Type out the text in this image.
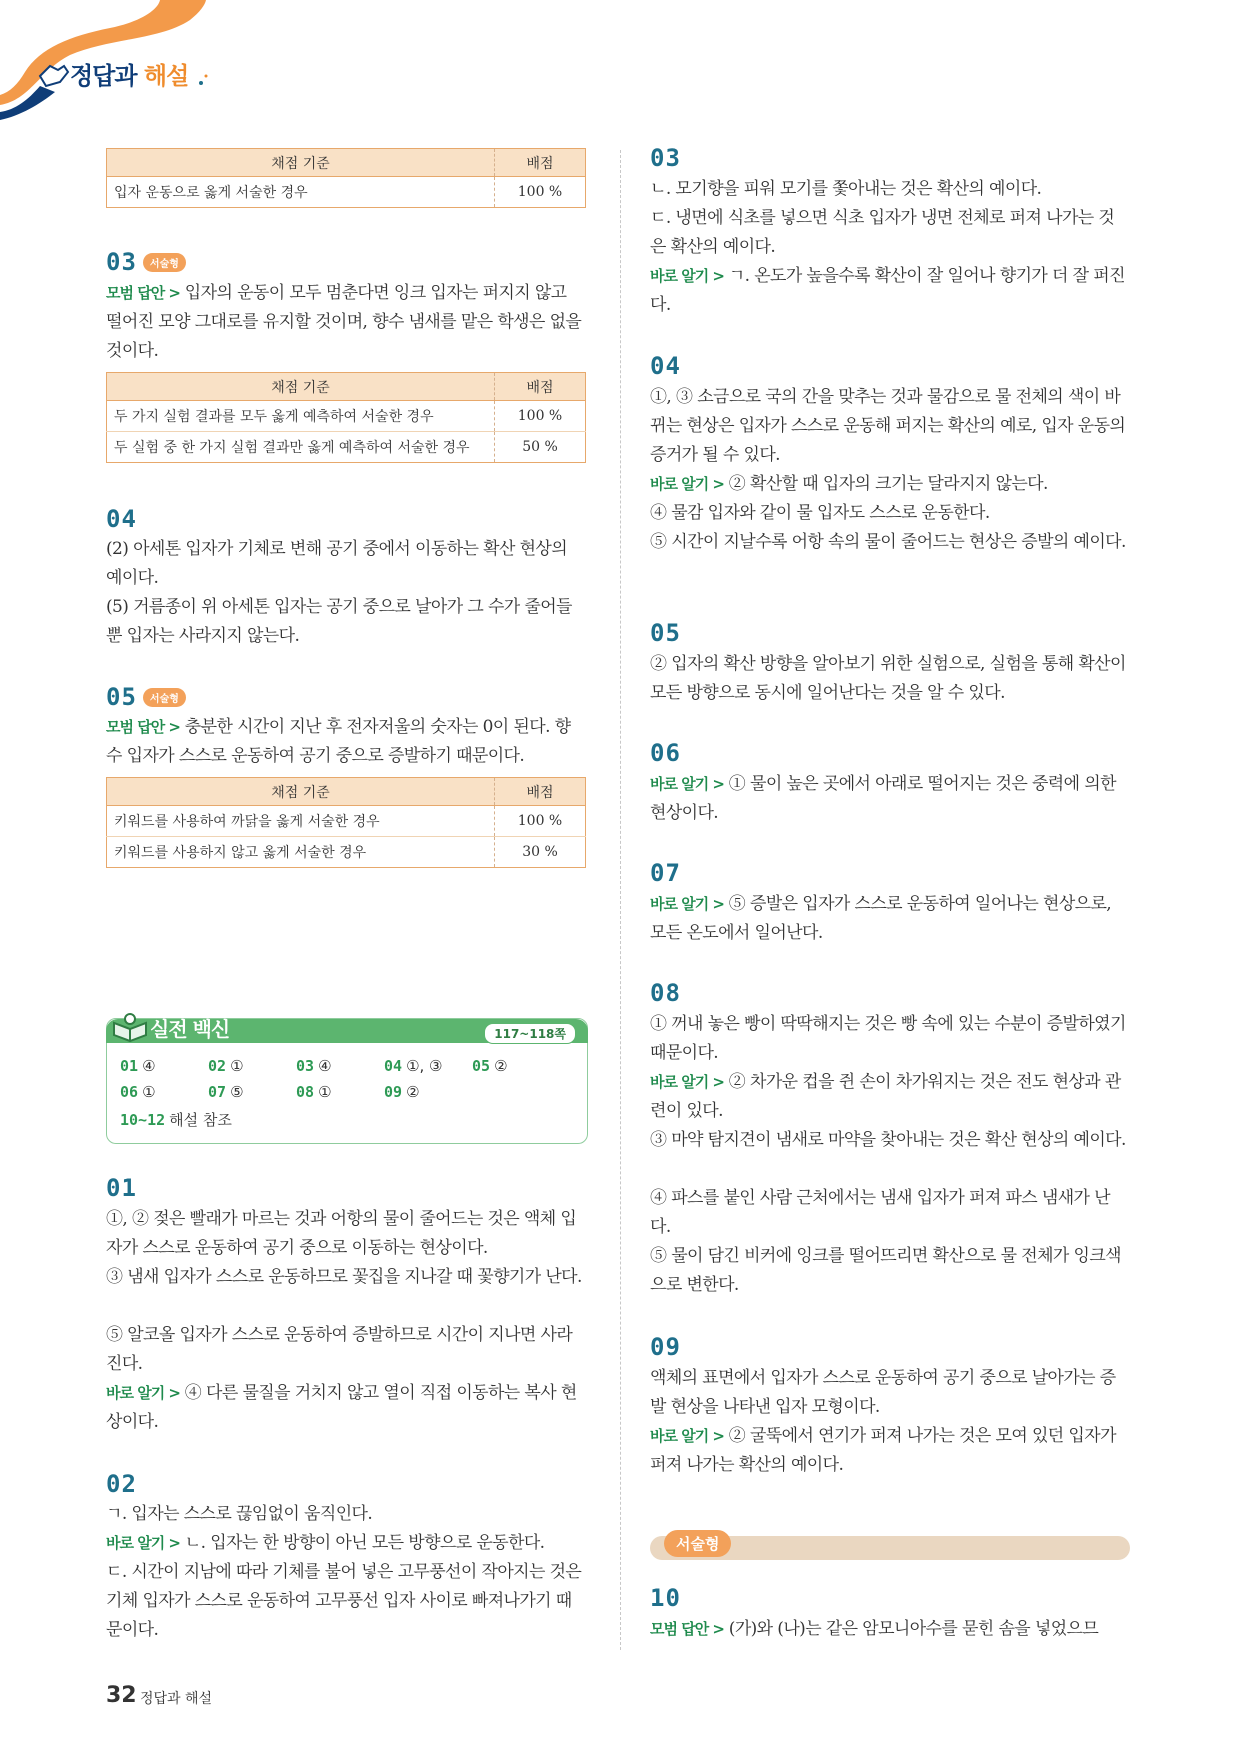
정답과 해설
채점 기준	배점
입자 운동으로 옳게 서술한 경우	100 %
03 서술형

모범 답안 > 입자의 운동이 모두 멈춘다면 잉크 입자는 퍼지지 않고 떨어진 모양 그대로를 유지할 것이며, 향수 냄새를 맡은 학생은 없을 것이다.

채점 기준	배점
두 가지 실험 결과를 모두 옳게 예측하여 서술한 경우	100 %
두 실험 중 한 가지 실험 결과만 옳게 예측하여 서술한 경우	50 %
04

(2) 아세톤 입자가 기체로 변해 공기 중에서 이동하는 확산 현상의 예이다.

(5) 거름종이 위 아세톤 입자는 공기 중으로 날아가 그 수가 줄어들 뿐 입자는 사라지지 않는다.

05 서술형

모범 답안 > 충분한 시간이 지난 후 전자저울의 숫자는 0이 된다. 향수 입자가 스스로 운동하여 공기 중으로 증발하기 때문이다.

채점 기준	배점
키워드를 사용하여 까닭을 옳게 서술한 경우	100 %
키워드를 사용하지 않고 옳게 서술한 경우	30 %
실전 백신	117~118쪽
01 ④	02 ①	03 ④	04 ①, ③ 05 ②
06 ①	07 ⑤	08 ①	09 ②
10~12 해설 참조
01

①, ② 젖은 빨래가 마르는 것과 어항의 물이 줄어드는 것은 액체 입자가 스스로 운동하여 공기 중으로 이동하는 현상이다.

③ 냄새 입자가 스스로 운동하므로 꽃집을 지나갈 때 꽃향기가 난다.

⑤ 알코올 입자가 스스로 운동하여 증발하므로 시간이 지나면 사라진다.

바로 알기 > ④ 다른 물질을 거치지 않고 열이 직접 이동하는 복사 현상이다.

02

ㄱ. 입자는 스스로 끊임없이 움직인다.

바로 알기 > ㄴ. 입자는 한 방향이 아닌 모든 방향으로 운동한다.

ㄷ. 시간이 지남에 따라 기체를 불어 넣은 고무풍선이 작아지는 것은 기체 입자가 스스로 운동하여 고무풍선 입자 사이로 빠져나가기 때문이다.

03

ㄴ. 모기향을 피워 모기를 쫓아내는 것은 확산의 예이다.

ㄷ. 냉면에 식초를 넣으면 식초 입자가 냉면 전체로 퍼져 나가는 것은 확산의 예이다.

바로 알기 > ㄱ. 온도가 높을수록 확산이 잘 일어나 향기가 더 잘 퍼진다.

04

①, ③ 소금으로 국의 간을 맞추는 것과 물감으로 물 전체의 색이 바뀌는 현상은 입자가 스스로 운동해 퍼지는 확산의 예로, 입자 운동의 증거가 될 수 있다.

바로 알기 > ② 확산할 때 입자의 크기는 달라지지 않는다.

④ 물감 입자와 같이 물 입자도 스스로 운동한다.

⑤ 시간이 지날수록 어항 속의 물이 줄어드는 현상은 증발의 예이다.

05

② 입자의 확산 방향을 알아보기 위한 실험으로, 실험을 통해 확산이 모든 방향으로 동시에 일어난다는 것을 알 수 있다.

06

바로 알기 > ① 물이 높은 곳에서 아래로 떨어지는 것은 중력에 의한 현상이다.

07

바로 알기 > ⑤ 증발은 입자가 스스로 운동하여 일어나는 현상으로, 모든 온도에서 일어난다.

08

① 꺼내 놓은 빵이 딱딱해지는 것은 빵 속에 있는 수분이 증발하였기 때문이다.

바로 알기 > ② 차가운 컵을 쥔 손이 차가워지는 것은 전도 현상과 관련이 있다.

③ 마약 탐지견이 냄새로 마약을 찾아내는 것은 확산 현상의 예이다.

④ 파스를 붙인 사람 근처에서는 냄새 입자가 퍼져 파스 냄새가 난다.

⑤ 물이 담긴 비커에 잉크를 떨어뜨리면 확산으로 물 전체가 잉크색으로 변한다.

09

액체의 표면에서 입자가 스스로 운동하여 공기 중으로 날아가는 증발 현상을 나타낸 입자 모형이다.

바로 알기 > ② 굴뚝에서 연기가 퍼져 나가는 것은 모여 있던 입자가 퍼져 나가는 확산의 예이다.

서술형
10

모범 답안 > (가)와 (나)는 같은 암모니아수를 묻힌 솜을 넣었으므

32 정답과 해설
